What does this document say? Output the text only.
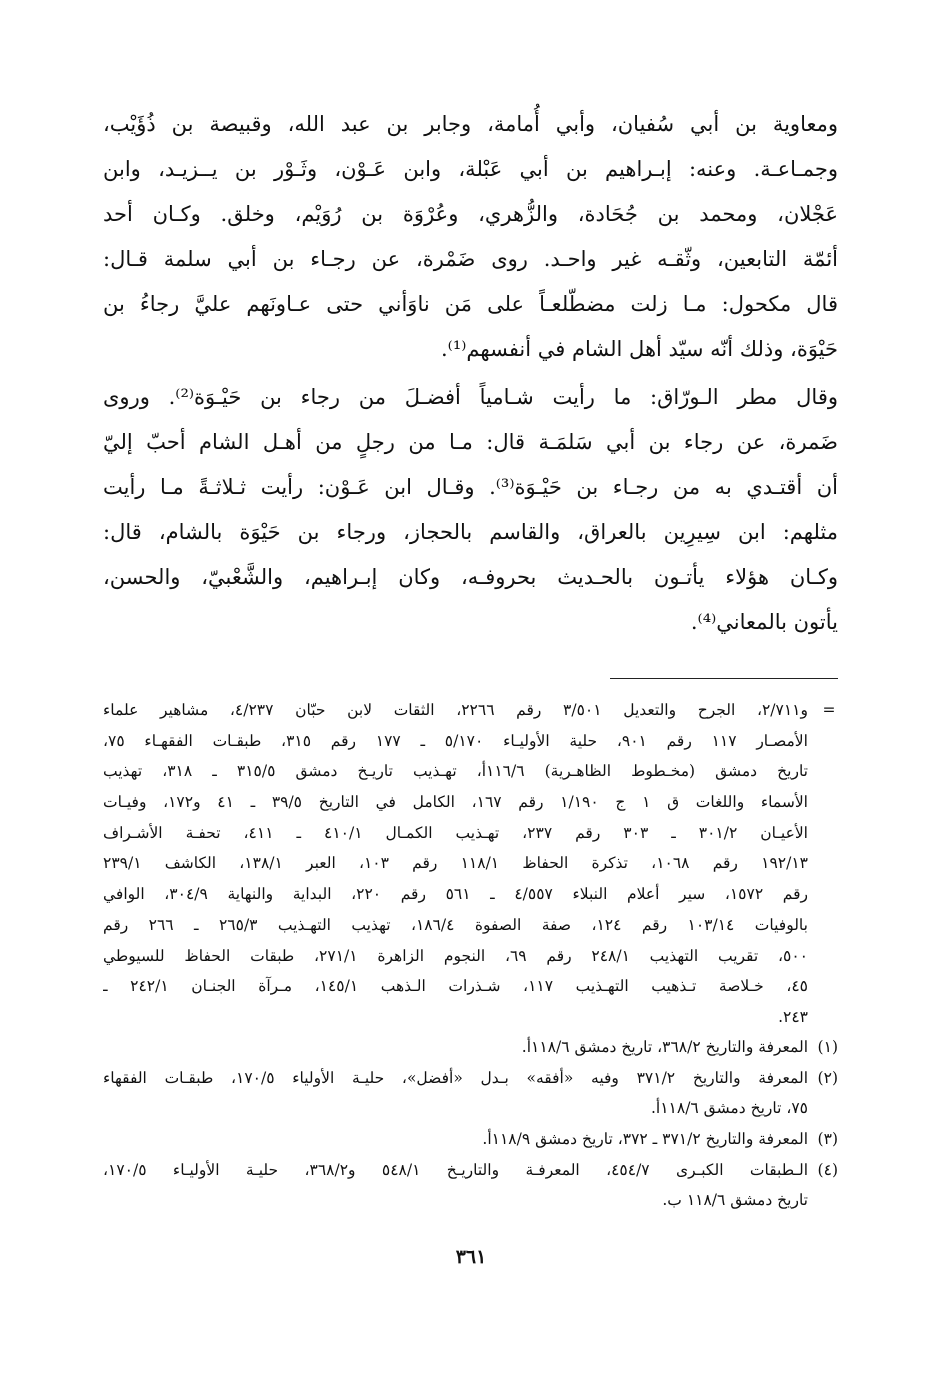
ومعاوية بن أبي سُفيان، وأبي أُمامة، وجابر بن عبد الله، وقبيصة بن ذُؤَيْب،
وجمـاعـة. وعنه: إبـراهيم بن أبي عَبْلة، وابن عَـوْن، وثَـوْر بن يــزيـد، وابن
عَجْلان، ومحمد بن جُحَادة، والزُّهري، وعُرْوَة بن رُوَيْم، وخلق. وكـان أحد
أئمّة التابعين، وثّقـه غير واحـد. روى ضَمْرة، عن رجـاء بن أبي سلمة قـال:
قال مكحول: مـا زلت مضطّلعـاً على مَن ناوَأني حتى عـاونَهم عليَّ رجاءُ بن
حَيْوَة، وذلك أنّه سيّد أهل الشام في أنفسهم⁽¹⁾.
وقال مطر الـورّاق: ما رأيت شـامياً أفضـلَ من رجاء بن حَيْـوَة⁽²⁾. وروى
ضَمرة، عن رجاء بن أبي سَلمَـة قال: مـا من رجلٍ من أهـل الشام أحبّ إليّ
أن أقتـدي به من رجـاء بن حَيْـوَة⁽³⁾. وقـال ابن عَـوْن: رأيت ثـلاثـةً مـا رأيت
مثلهم: ابن سِيرِين بالعراق، والقاسم بالحجاز، ورجاء بن حَيْوَة بالشام، قال:
وكـان هؤلاء يأتـون بالحـديث بحروفـه، وكان إبـراهيم، والشَّعْبيّ، والحسن،
يأتون بالمعاني⁽⁴⁾.
=
و٢/٧١١، الجرح والتعديل ٣/٥٠١ رقم ٢٢٦٦، الثقات لابن حبّان ٤/٢٣٧، مشاهير علماء
الأمصـار ١١٧ رقم ٩٠١، حلية الأوليـاء ٥/١٧٠ ـ ١٧٧ رقم ٣١٥، طبقـات الفقهـاء ٧٥،
تاريخ دمشق (مخـطوط الظاهـرية) ١١٦/٦أ، تهـذيب تاريـخ دمشق ٣١٥/٥ ـ ٣١٨، تهذيب
الأسماء واللغات ق ١ ج ١/١٩٠ رقم ١٦٧، الكامل في التاريخ ٣٩/٥ ـ ٤١ و١٧٢، وفيـات
الأعيـان ٣٠١/٢ ـ ٣٠٣ رقم ٢٣٧، تهـذيب الكمـال ٤١٠/١ ـ ٤١١، تحفـة الأشـراف
١٩٢/١٣ رقم ١٠٦٨، تذكرة الحفاظ ١١٨/١ رقم ١٠٣، العبر ١٣٨/١، الكاشف ٢٣٩/١
رقم ١٥٧٢، سير أعلام النبلاء ٤/٥٥٧ ـ ٥٦١ رقم ٢٢٠، البداية والنهاية ٣٠٤/٩، الوافي
بالوفيات ١٠٣/١٤ رقم ١٢٤، صفة الصفوة ١٨٦/٤، تهذيب التهـذيب ٢٦٥/٣ ـ ٢٦٦ رقم
٥٠٠، تقريب التهذيب ٢٤٨/١ رقم ٦٩، النجوم الزاهرة ٢٧١/١، طبقات الحفاظ للسيوطي
٤٥، خـلاصة تـذهيب التهـذيب ١١٧، شـذرات الـذهب ١٤٥/١، مـرآة الجنـان ٢٤٢/١ ـ
٢٤٣.
(١)
المعرفة والتاريخ ٣٦٨/٢، تاريخ دمشق ١١٨/٦أ.
(٢)
المعرفة والتاريخ ٣٧١/٢ وفيه «أفقه» بـدل «أفضل»، حليـة الأولياء ١٧٠/٥، طبقـات الفقهاء
٧٥، تاريخ دمشق ١١٨/٦أ.
(٣)
المعرفة والتاريخ ٣٧١/٢ ـ ٣٧٢، تاريخ دمشق ١١٨/٩أ.
(٤)
الـطبقات الكبـرى ٤٥٤/٧، المعرفـة والتاريـخ ٥٤٨/١ و٣٦٨/٢، حليـة الأوليـاء ١٧٠/٥،
تاريخ دمشق ١١٨/٦ ب.
٣٦١
